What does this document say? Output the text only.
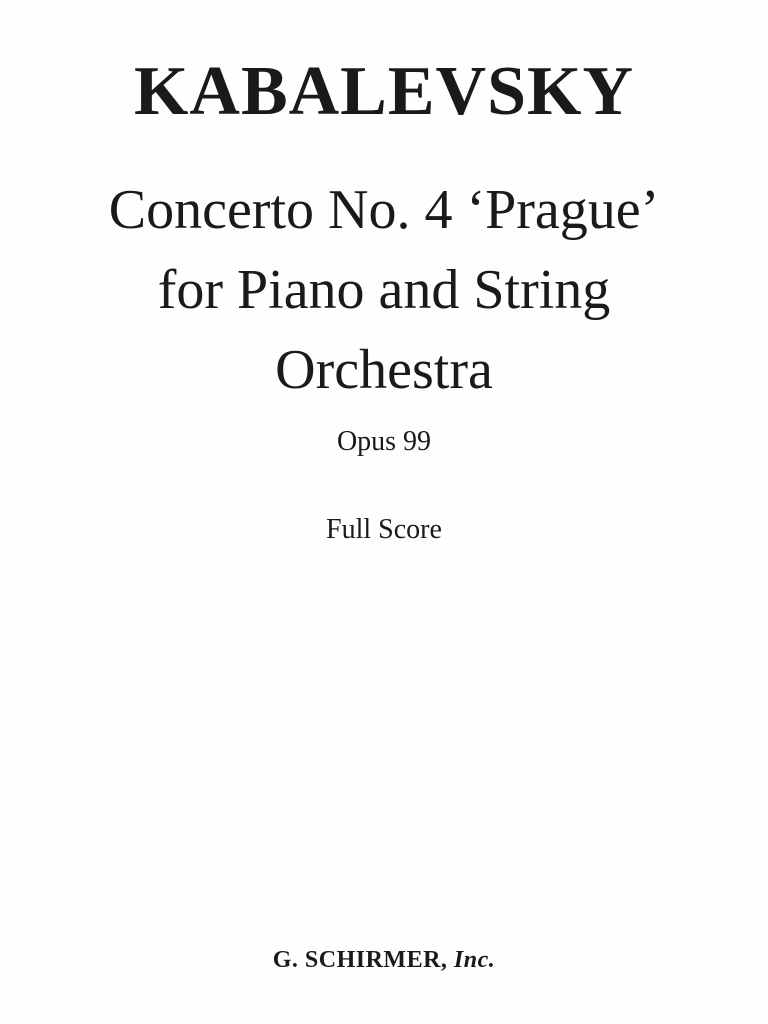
KABALEVSKY
Concerto No. 4 ‘Prague’
for Piano and String
Orchestra
Opus 99
Full Score
G. SCHIRMER, Inc.
